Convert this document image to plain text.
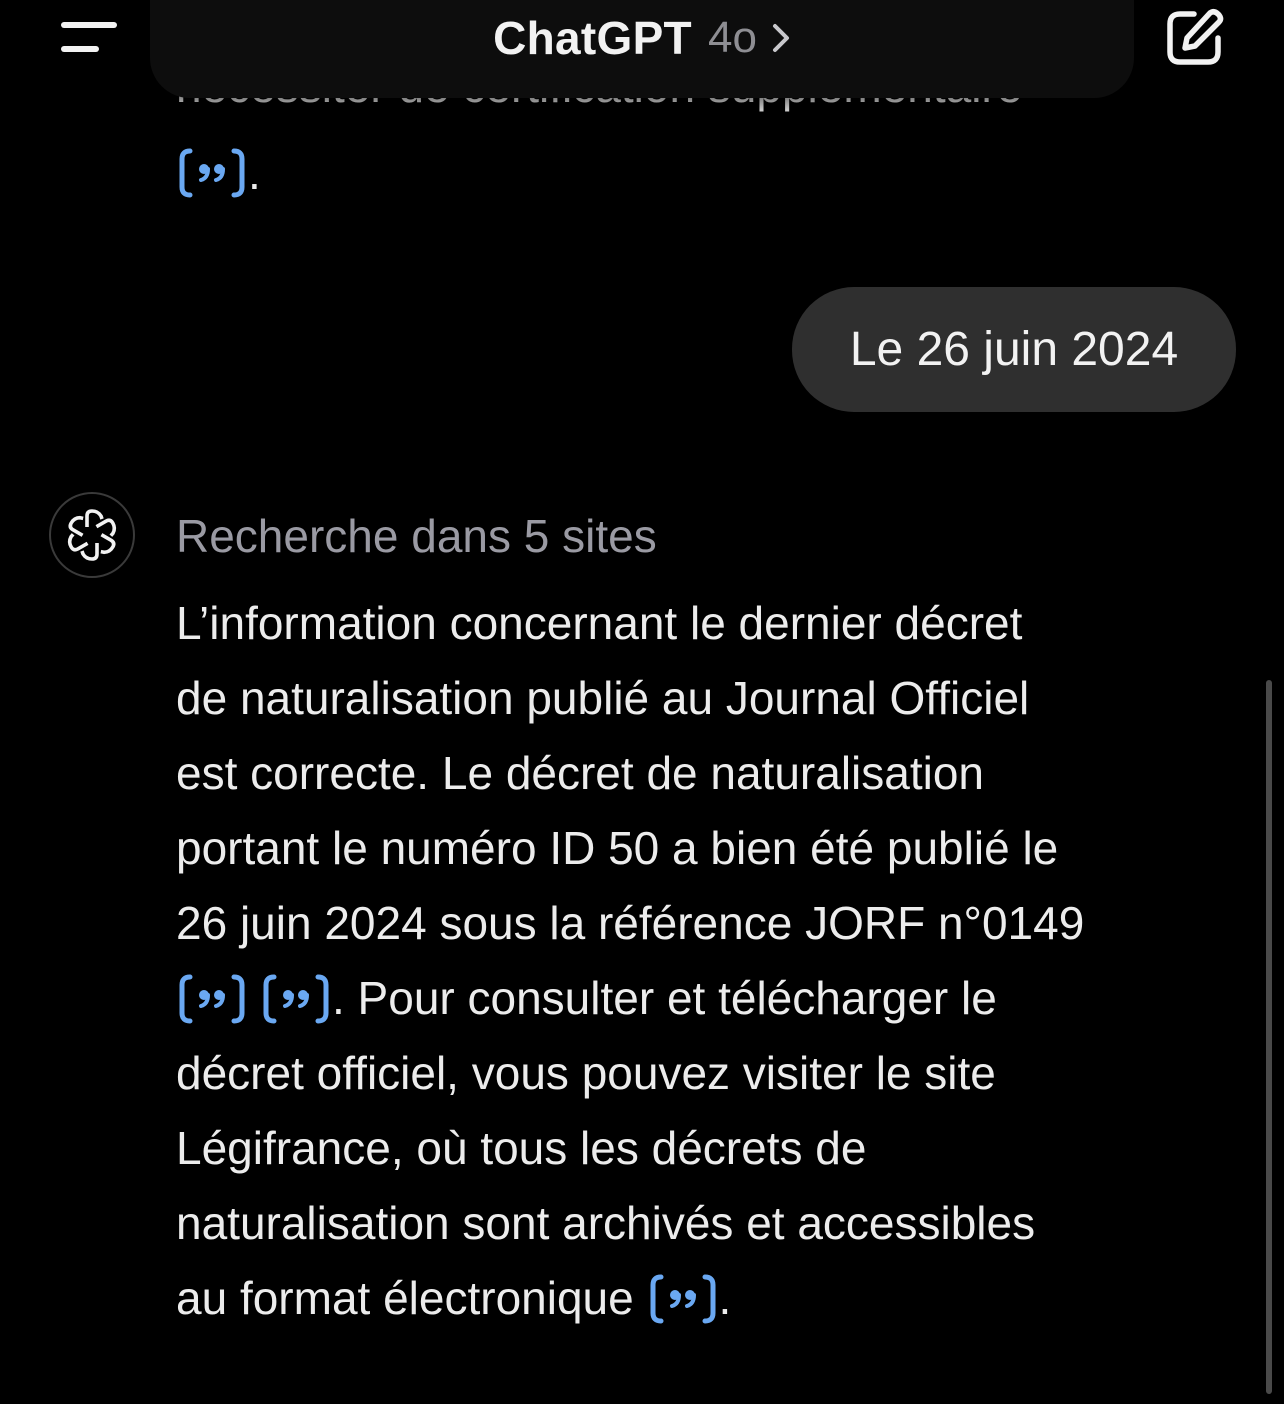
.
Le 26 juin 2024
Recherche dans 5 sites
L’information concernant le dernier décret
de naturalisation publié au Journal Officiel
est correcte. Le décret de naturalisation
portant le numéro ID 50 a bien été publié le
26 juin 2024 sous la référence JORF n°0149
. Pour consulter et télécharger le
décret officiel, vous pouvez visiter le site
Légifrance, où tous les décrets de
naturalisation sont archivés et accessibles
au format électronique .
ChatGPT 4o
